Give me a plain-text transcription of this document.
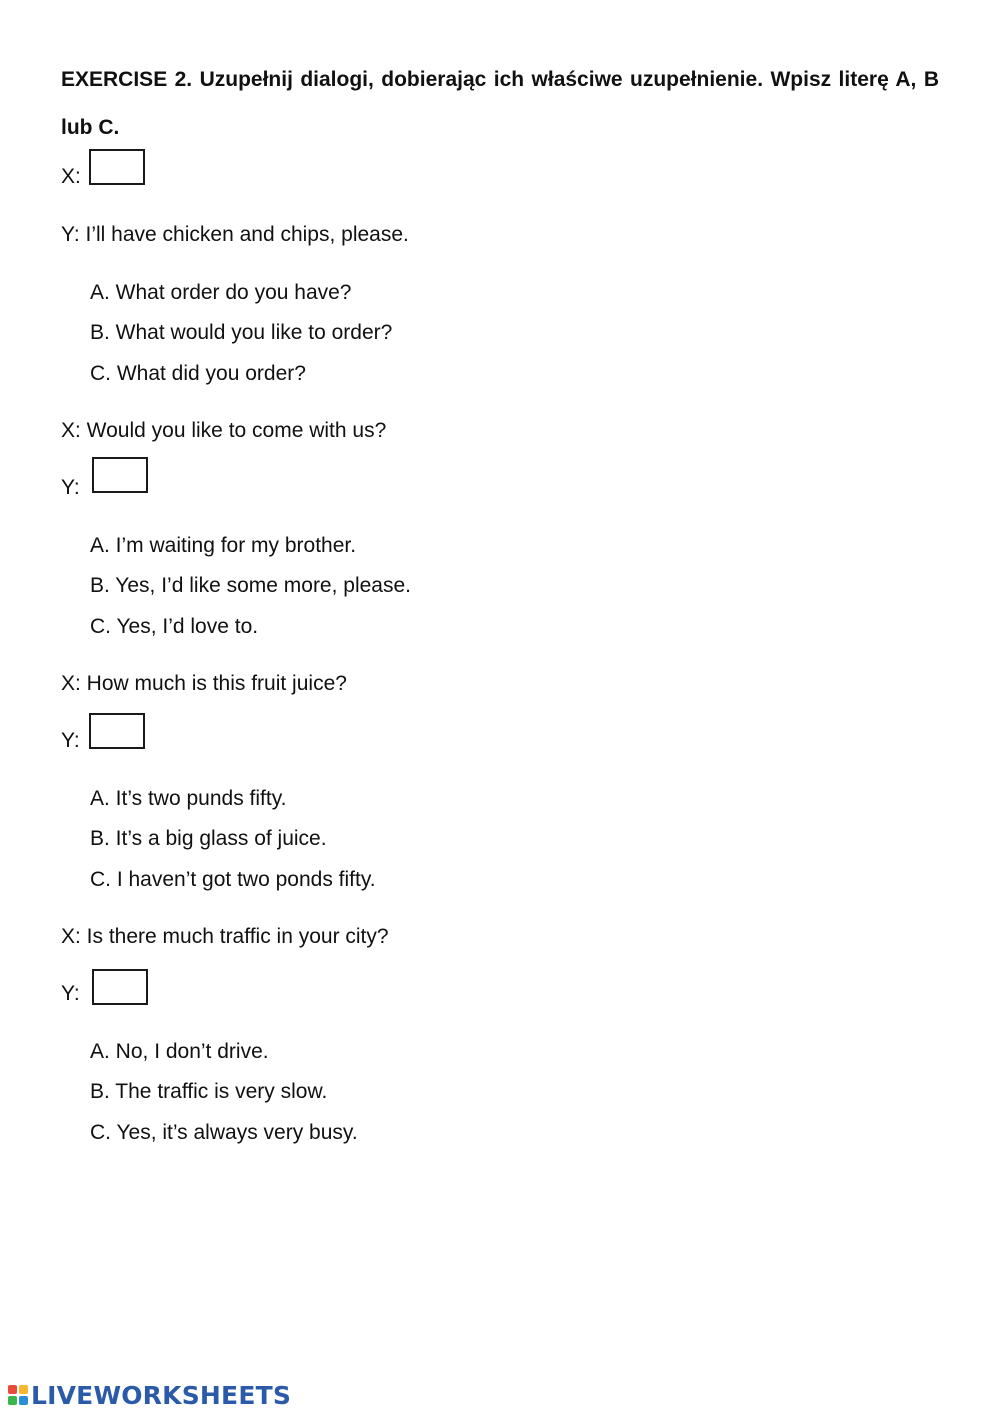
EXERCISE 2. Uzupełnij dialogi, dobierając ich właściwe uzupełnienie. Wpisz literę A, B lub C.
X:
Y: I’ll have chicken and chips, please.
A. What order do you have?
B. What would you like to order?
C. What did you order?
X: Would you like to come with us?
Y:
A. I’m waiting for my brother.
B. Yes, I’d like some more, please.
C. Yes, I’d love to.
X: How much is this fruit juice?
Y:
A. It’s two punds fifty.
B. It’s a big glass of juice.
C. I haven’t got two ponds fifty.
X: Is there much traffic in your city?
Y:
A. No, I don’t drive.
B. The traffic is very slow.
C. Yes, it’s always very busy.
LIVEWORKSHEETS
